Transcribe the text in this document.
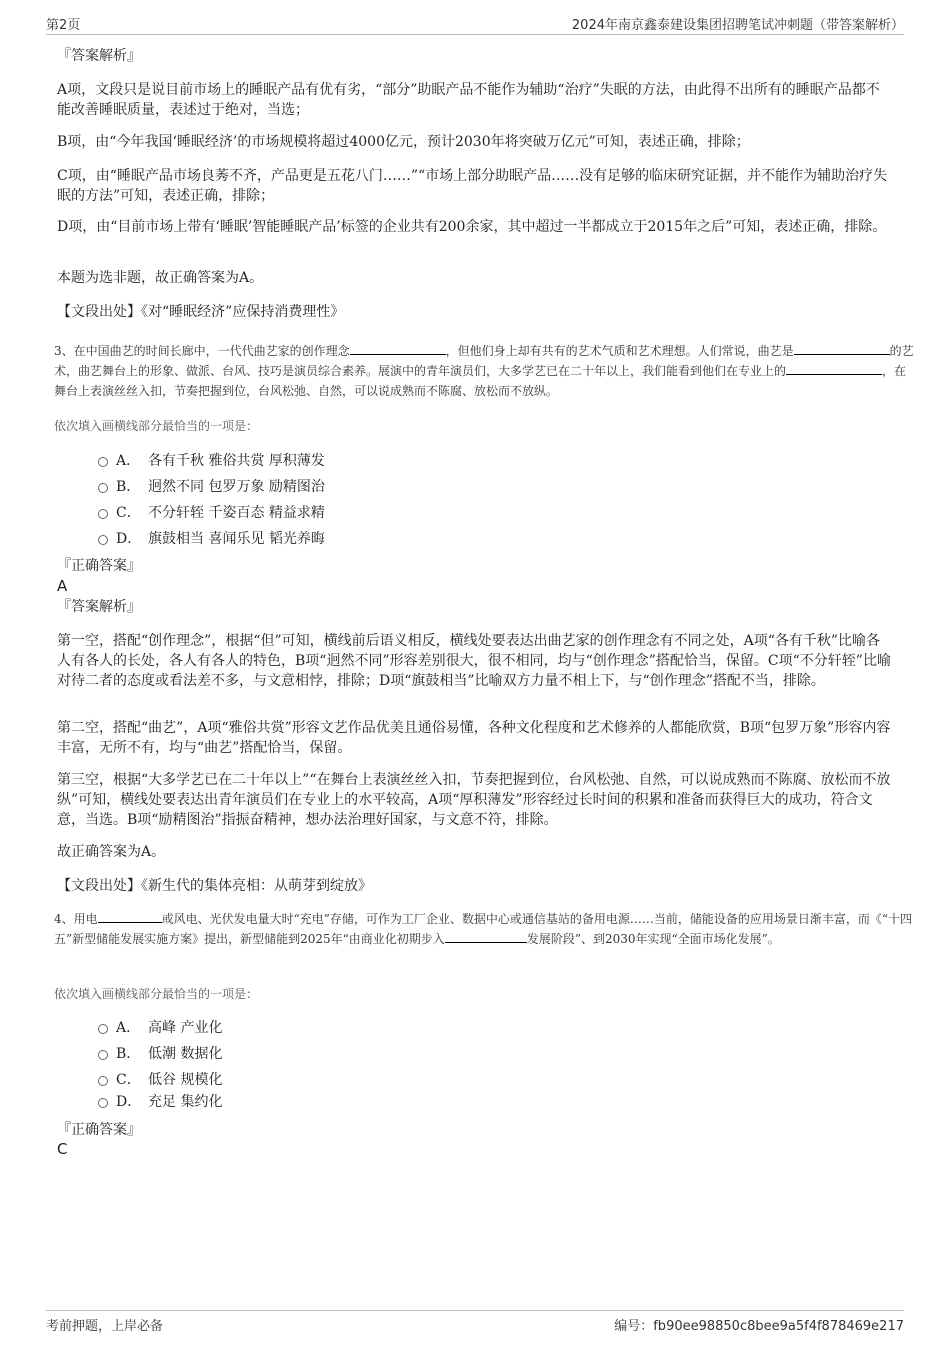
第2页	2024年南京鑫泰建设集团招聘笔试冲刺题（带答案解析）
『答案解析』
A项，文段只是说目前市场上的睡眠产品有优有劣，“部分”助眠产品不能作为辅助“治疗”失眠的方法，由此得不出所有的睡眠产品都不能改善睡眠质量，表述过于绝对，当选；
B项，由“今年我国‘睡眠经济’的市场规模将超过4000亿元，预计2030年将突破万亿元”可知，表述正确，排除；
C项，由“睡眠产品市场良莠不齐，产品更是五花八门……”“市场上部分助眠产品……没有足够的临床研究证据，并不能作为辅助治疗失眠的方法”可知，表述正确，排除；
D项，由“目前市场上带有‘睡眠’智能睡眠产品’标签的企业共有200余家，其中超过一半都成立于2015年之后”可知，表述正确，排除。
本题为选非题，故正确答案为A。
【文段出处】《对“睡眠经济”应保持消费理性》
3、在中国曲艺的时间长廊中，一代代曲艺家的创作理念	，但他们身上却有共有的艺术气质和艺术理想。人们常说，曲艺是	的艺术，曲艺舞台上的形象、做派、台风、技巧是演员综合素养。展演中的青年演员们，大多学艺已在二十年以上，我们能看到他们在专业上的	，在舞台上表演丝丝入扣，节奏把握到位，台风松弛、自然，可以说成熟而不陈腐、放松而不放纵。
依次填入画横线部分最恰当的一项是：
A． 各有千秋 雅俗共赏 厚积薄发
B． 迥然不同 包罗万象 励精图治
C． 不分轩轾 千姿百态 精益求精
D． 旗鼓相当 喜闻乐见 韬光养晦
『正确答案』
A
『答案解析』
第一空，搭配“创作理念”，根据“但”可知，横线前后语义相反，横线处要表达出曲艺家的创作理念有不同之处，A项“各有千秋”比喻各人有各人的长处，各人有各人的特色，B项“迥然不同”形容差别很大，很不相同，均与“创作理念”搭配恰当，保留。C项“不分轩轾”比喻对待二者的态度或看法差不多，与文意相悖，排除；D项“旗鼓相当”比喻双方力量不相上下，与“创作理念”搭配不当，排除。
第二空，搭配“曲艺”，A项“雅俗共赏”形容文艺作品优美且通俗易懂，各种文化程度和艺术修养的人都能欣赏，B项“包罗万象”形容内容丰富，无所不有，均与“曲艺”搭配恰当，保留。
第三空，根据“大多学艺已在二十年以上”“在舞台上表演丝丝入扣，节奏把握到位，台风松弛、自然，可以说成熟而不陈腐、放松而不放纵”可知，横线处要表达出青年演员们在专业上的水平较高，A项“厚积薄发”形容经过长时间的积累和准备而获得巨大的成功，符合文意，当选。B项“励精图治”指振奋精神，想办法治理好国家，与文意不符，排除。
故正确答案为A。
【文段出处】《新生代的集体亮相：从萌芽到绽放》
4、用电	或风电、光伏发电量大时“充电”存储，可作为工厂企业、数据中心或通信基站的备用电源……当前，储能设备的应用场景日渐丰富，而《“十四五”新型储能发展实施方案》提出，新型储能到2025年“由商业化初期步入	发展阶段”、到2030年实现“全面市场化发展”。
依次填入画横线部分最恰当的一项是：
A． 高峰 产业化
B． 低潮 数据化
C． 低谷 规模化
D． 充足 集约化
『正确答案』
C
考前押题，上岸必备	编号：fb90ee98850c8bee9a5f4f878469e217
